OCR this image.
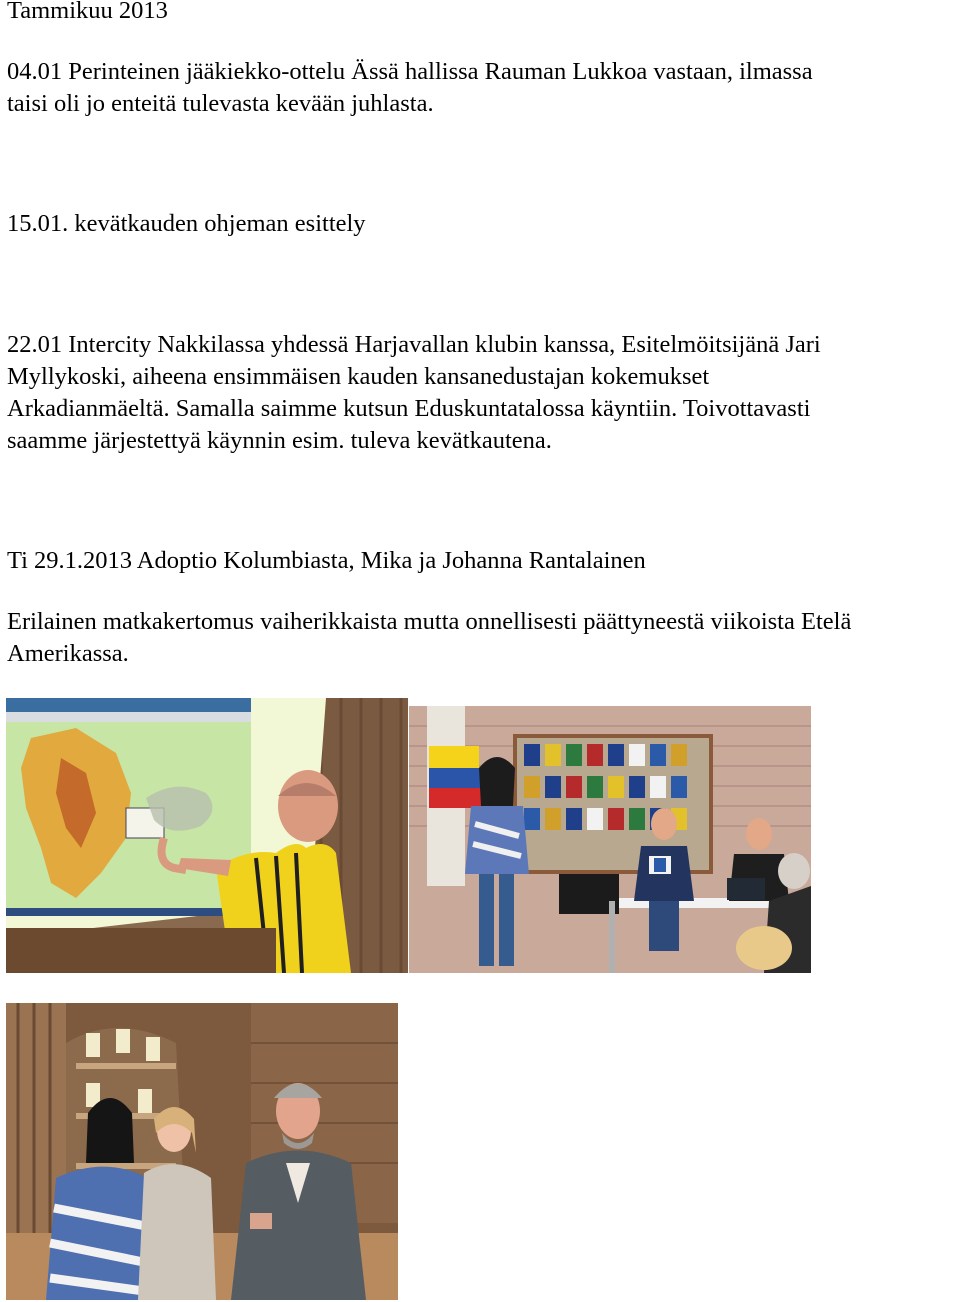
Tammikuu 2013

04.01 Perinteinen jääkiekko-ottelu Ässä hallissa Rauman Lukkoa vastaan, ilmassa
taisi oli jo enteitä tulevasta kevään juhlasta.

15.01. kevätkauden ohjeman esittely

22.01 Intercity Nakkilassa yhdessä Harjavallan klubin kanssa, Esitelmöitsijänä Jari
Myllykoski, aiheena ensimmäisen kauden kansanedustajan kokemukset
Arkadianmäeltä. Samalla saimme kutsun Eduskuntatalossa käyntiin. Toivottavasti
saamme järjestettyä käynnin esim. tuleva kevätkautena.

Ti 29.1.2013 Adoptio Kolumbiasta, Mika ja Johanna Rantalainen

Erilainen matkakertomus vaiherikkaista mutta onnellisesti päättyneestä viikoista Etelä
Amerikassa.
